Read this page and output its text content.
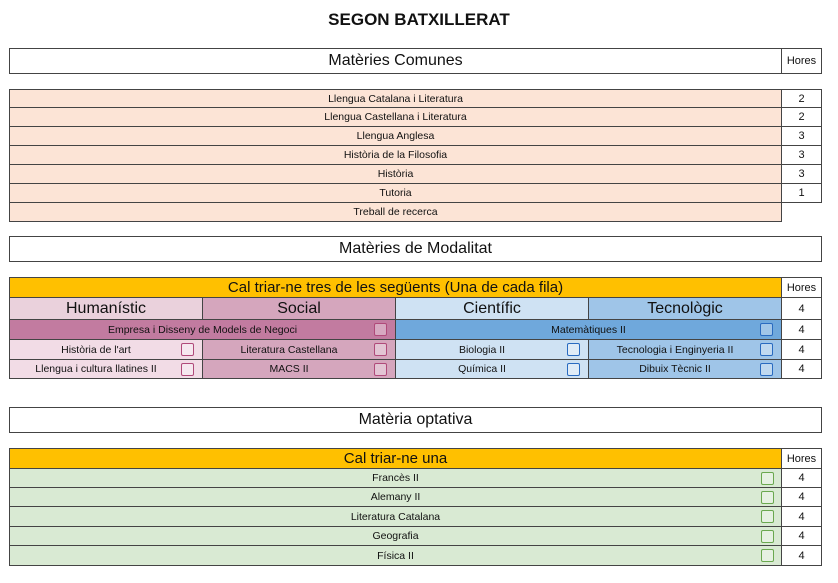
SEGON BATXILLERAT
Matèries Comunes	Hores
Llengua Catalana i Literatura	2
Llengua Castellana i Literatura	2
Llengua Anglesa	3
Història de la Filosofia	3
Història	3
Tutoria	1
Treball de recerca
Matèries de Modalitat
Cal triar-ne tres de les següents (Una de cada fila)	Hores
Humanístic	Social	Científic	Tecnològic	4
Empresa i Disseny de Models de Negoci	Matemàtiques II	4
Història de l'art	Literatura Castellana	Biologia II	Tecnologia i Enginyeria II	4
Llengua i cultura llatines II	MACS II	Química II	Dibuix Tècnic II	4
Matèria optativa
Cal triar-ne una	Hores
Francès II	4
Alemany II	4
Literatura Catalana	4
Geografia	4
Física II	4
